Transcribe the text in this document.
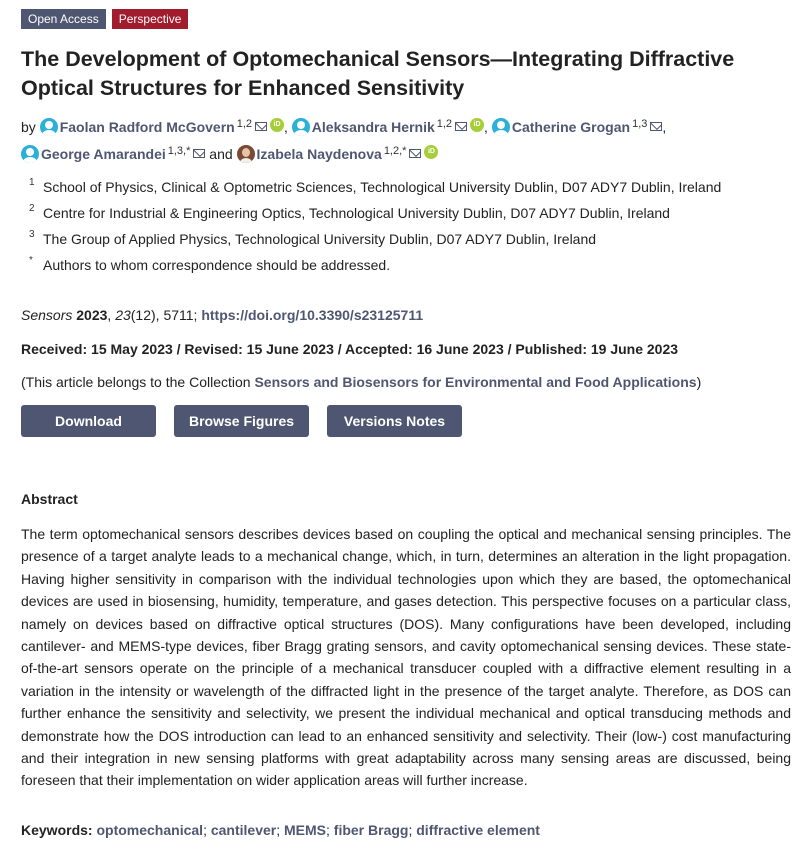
Open Access	Perspective
The Development of Optomechanical Sensors—Integrating Diffractive Optical Structures for Enhanced Sensitivity
by Faolan Radford McGovern $^{1,2}$	iD , Aleksandra Hernik $^{1,2}$	iD , Catherine Grogan $^{1,3}$ , George Amarandei $^{1,3,*}$ and Izabela Naydenova $^{1,2,*}$	iD
1 School of Physics, Clinical & Optometric Sciences, Technological University Dublin, D07 ADY7 Dublin, Ireland
2 Centre for Industrial & Engineering Optics, Technological University Dublin, D07 ADY7 Dublin, Ireland
3 The Group of Applied Physics, Technological University Dublin, D07 ADY7 Dublin, Ireland
* Authors to whom correspondence should be addressed.
Sensors 2023, 23(12), 5711; https://doi.org/10.3390/s23125711
Received: 15 May 2023 / Revised: 15 June 2023 / Accepted: 16 June 2023 / Published: 19 June 2023
(This article belongs to the Collection Sensors and Biosensors for Environmental and Food Applications)
Download	Browse Figures	Versions Notes
Abstract
The term optomechanical sensors describes devices based on coupling the optical and mechanical sensing principles. The presence of a target analyte leads to a mechanical change, which, in turn, determines an alteration in the light propagation. Having higher sensitivity in comparison with the individual technologies upon which they are based, the optomechanical devices are used in biosensing, humidity, temperature, and gases detection. This perspective focuses on a particular class, namely on devices based on diffractive optical structures (DOS). Many configurations have been developed, including cantilever- and MEMS-type devices, fiber Bragg grating sensors, and cavity optomechanical sensing devices. These state-of-the-art sensors operate on the principle of a mechanical transducer coupled with a diffractive element resulting in a variation in the intensity or wavelength of the diffracted light in the presence of the target analyte. Therefore, as DOS can further enhance the sensitivity and selectivity, we present the individual mechanical and optical transducing methods and demonstrate how the DOS introduction can lead to an enhanced sensitivity and selectivity. Their (low-) cost manufacturing and their integration in new sensing platforms with great adaptability across many sensing areas are discussed, being foreseen that their implementation on wider application areas will further increase.
Keywords: optomechanical; cantilever; MEMS; fiber Bragg; diffractive element
